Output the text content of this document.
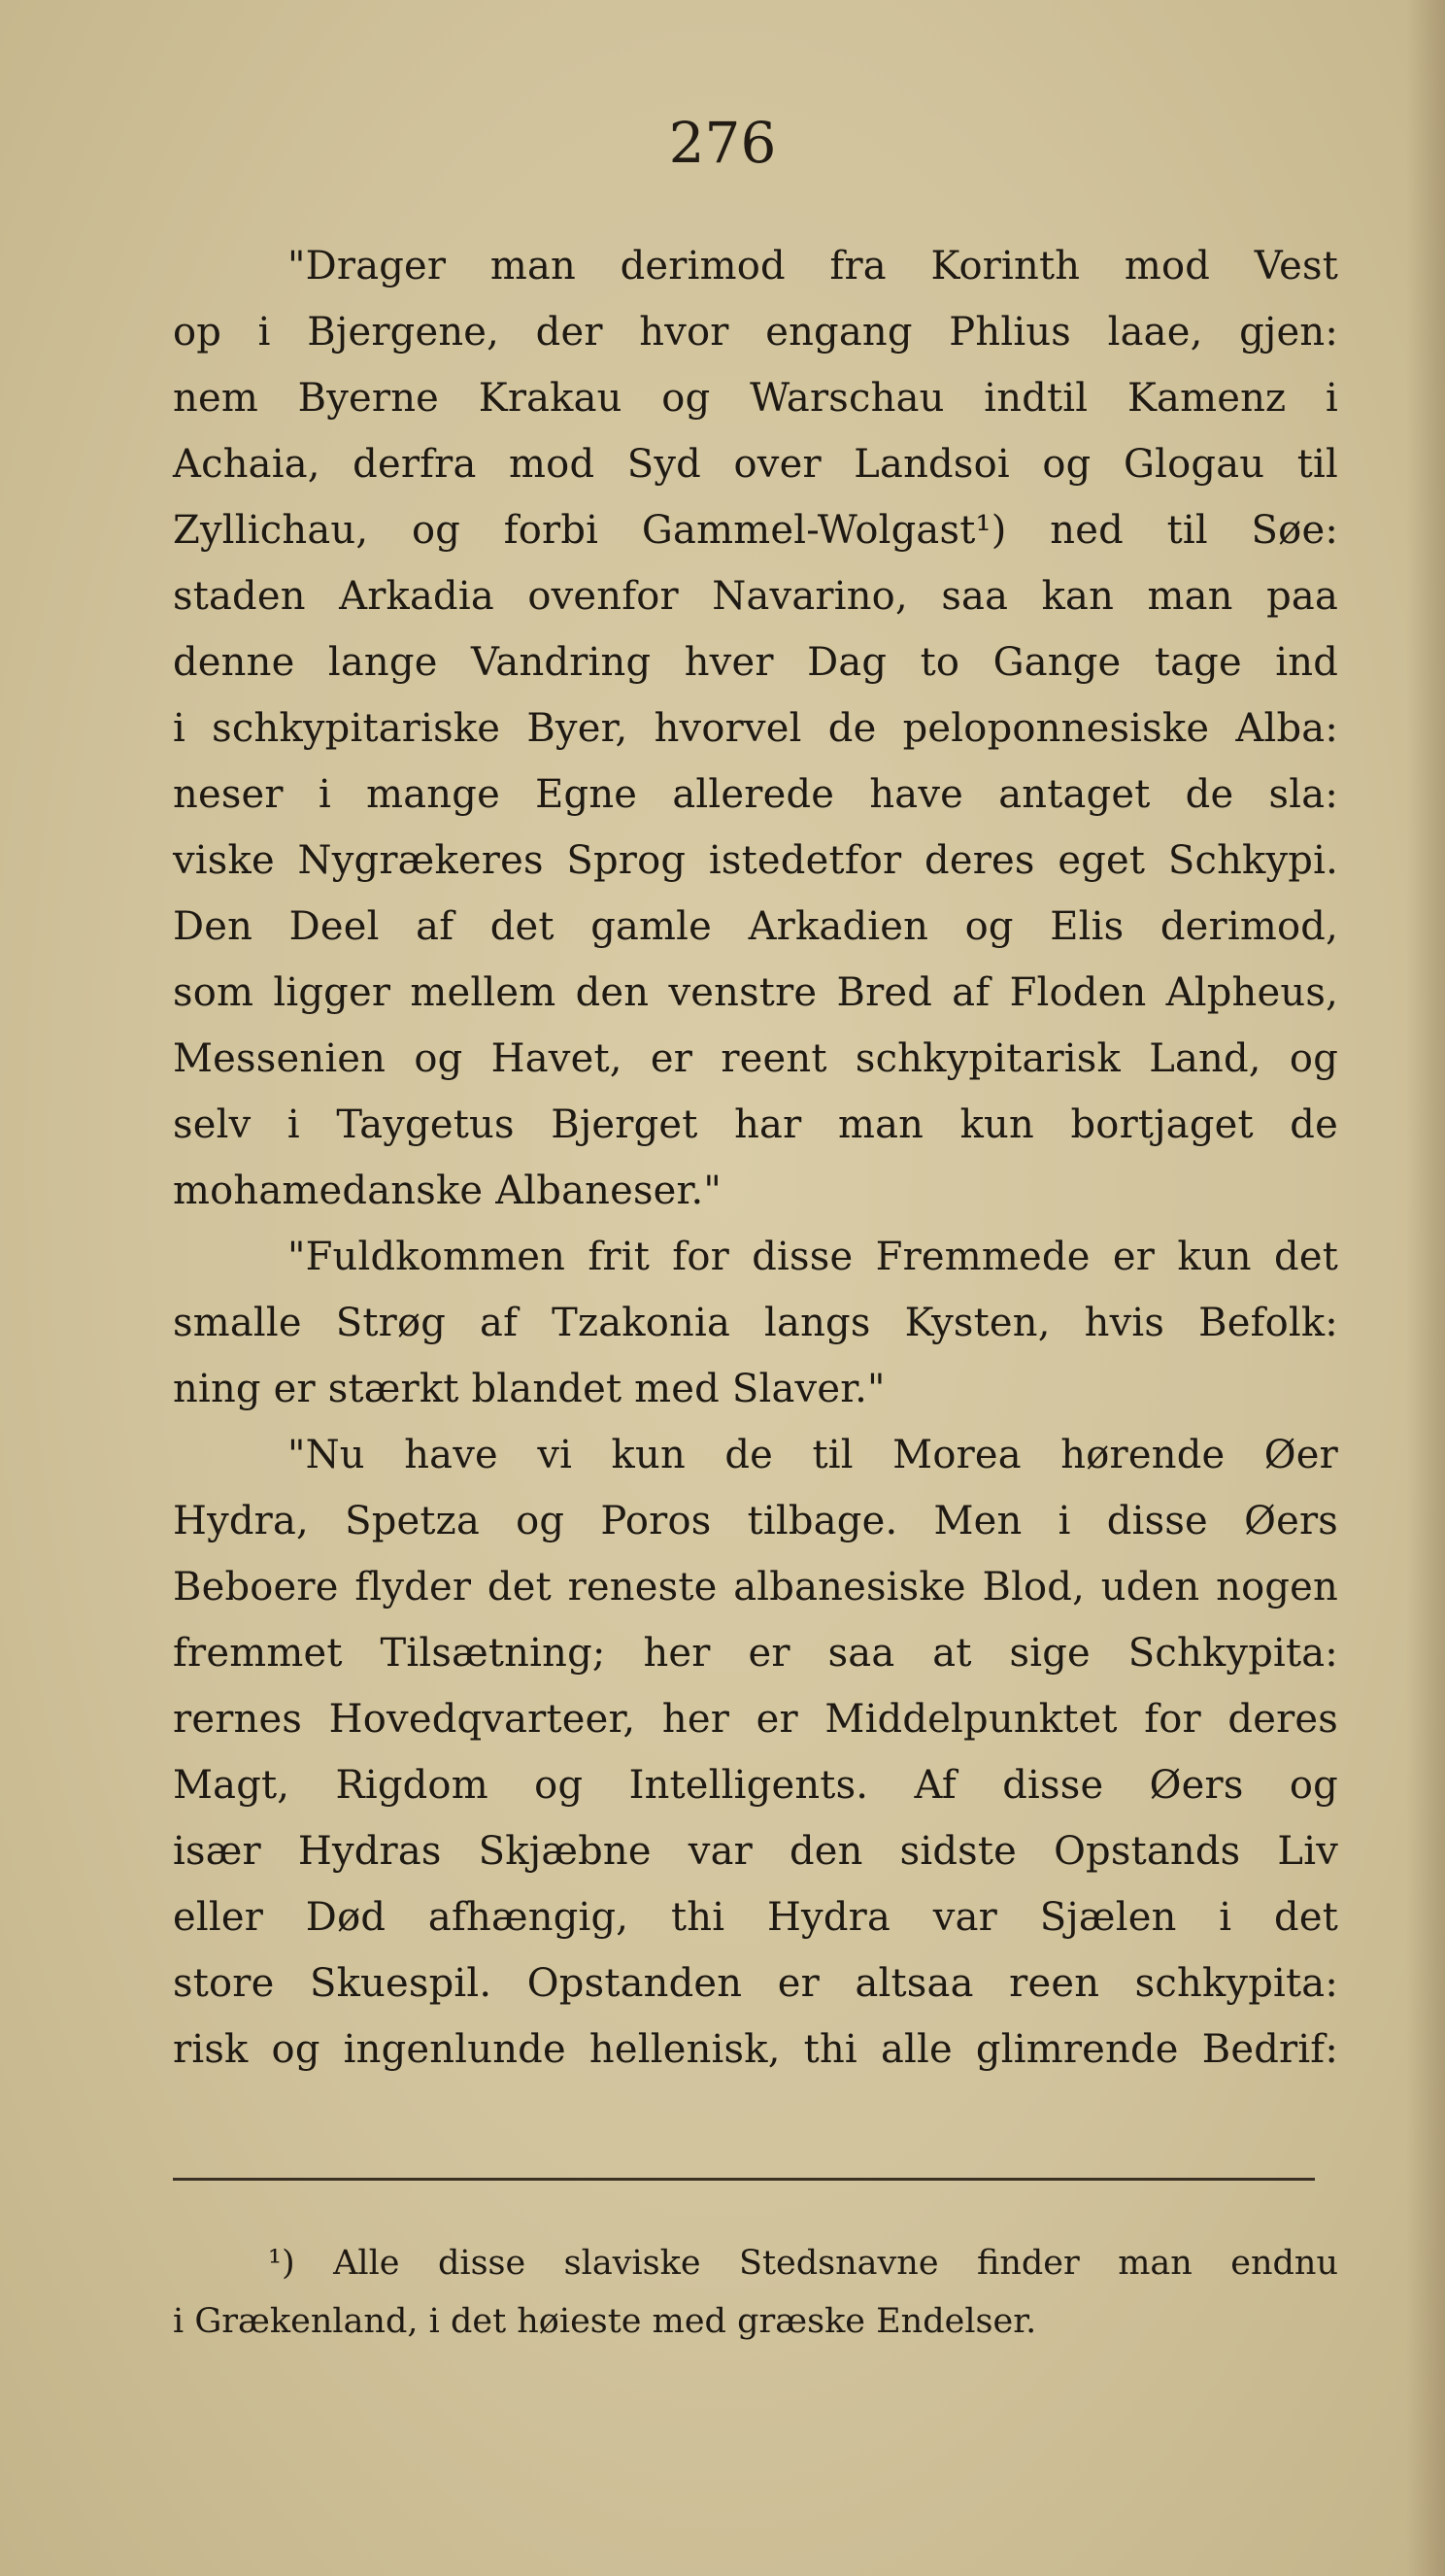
276
"Drager man derimod fra Korinth mod Vest
op i Bjergene, der hvor engang Phlius laae, gjen:
nem Byerne Krakau og Warschau indtil Kamenz i
Achaia, derfra mod Syd over Landsoi og Glogau til
Zyllichau, og forbi Gammel-Wolgast¹) ned til Søe:
staden Arkadia ovenfor Navarino, saa kan man paa
denne lange Vandring hver Dag to Gange tage ind
i schkypitariske Byer, hvorvel de peloponnesiske Alba:
neser i mange Egne allerede have antaget de sla:
viske Nygrækeres Sprog istedetfor deres eget Schkypi.
Den Deel af det gamle Arkadien og Elis derimod,
som ligger mellem den venstre Bred af Floden Alpheus,
Messenien og Havet, er reent schkypitarisk Land, og
selv i Taygetus Bjerget har man kun bortjaget de
mohamedanske Albaneser."
"Fuldkommen frit for disse Fremmede er kun det
smalle Strøg af Tzakonia langs Kysten, hvis Befolk:
ning er stærkt blandet med Slaver."
"Nu have vi kun de til Morea hørende Øer
Hydra, Spetza og Poros tilbage. Men i disse Øers
Beboere flyder det reneste albanesiske Blod, uden nogen
fremmet Tilsætning; her er saa at sige Schkypita:
rernes Hovedqvarteer, her er Middelpunktet for deres
Magt, Rigdom og Intelligents. Af disse Øers og
især Hydras Skjæbne var den sidste Opstands Liv
eller Død afhængig, thi Hydra var Sjælen i det
store Skuespil. Opstanden er altsaa reen schkypita:
risk og ingenlunde hellenisk, thi alle glimrende Bedrif:
¹) Alle disse slaviske Stedsnavne finder man endnu
i Grækenland, i det høieste med græske Endelser.
